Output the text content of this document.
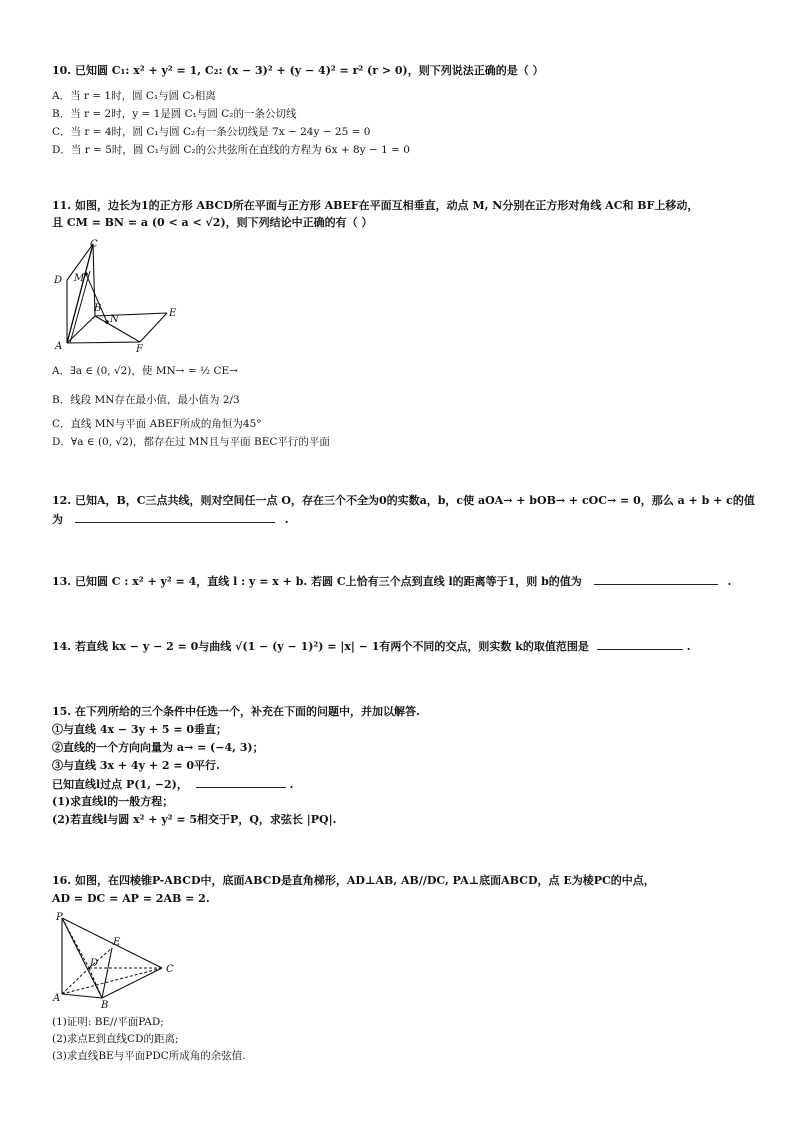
10. 已知圆 C₁: x² + y² = 1, C₂: (x − 3)² + (y − 4)² = r² (r > 0)，则下列说法正确的是（ ）
A．当 r = 1时，圆 C₁与圆 C₂相离
B．当 r = 2时，y = 1是圆 C₁与圆 C₂的一条公切线
C．当 r = 4时，圆 C₁与圆 C₂有一条公切线是 7x − 24y − 25 = 0
D．当 r = 5时，圆 C₁与圆 C₂的公共弦所在直线的方程为 6x + 8y − 1 = 0
11. 如图，边长为1的正方形 ABCD所在平面与正方形 ABEF在平面互相垂直，动点 M, N分别在正方形对角线 AC和 BF上移动，
且 CM = BN = a (0 < a < √2)，则下列结论中正确的有（ ）
C
D M
B
N
E
A	F
A．∃a ∈ (0, √2)，使 MN→ = ½ CE→
B．线段 MN存在最小值，最小值为 2/3
C．直线 MN与平面 ABEF所成的角恒为45°
D．∀a ∈ (0, √2)，都存在过 MN且与平面 BEC平行的平面
12. 已知A，B，C三点共线，则对空间任一点 O，存在三个不全为0的实数a，b，c使 aOA→ + bOB→ + cOC→ = 0，那么 a + b + c的值
为	.
13. 已知圆 C : x² + y² = 4，直线 l : y = x + b. 若圆 C上恰有三个点到直线 l的距离等于1，则 b的值为	.
14. 若直线 kx − y − 2 = 0与曲线 √(1 − (y − 1)²) = |x| − 1有两个不同的交点，则实数 k的取值范围是	.
15. 在下列所给的三个条件中任选一个，补充在下面的问题中，并加以解答.
①与直线 4x − 3y + 5 = 0垂直；
②直线的一个方向向量为 a→ = (−4, 3)；
③与直线 3x + 4y + 2 = 0平行.
已知直线l过点 P(1, −2)，	.
(1)求直线l的一般方程；
(2)若直线l与圆 x² + y² = 5相交于P，Q，求弦长 |PQ|.
16. 如图，在四棱锥P-ABCD中，底面ABCD是直角梯形，AD⊥AB, AB//DC, PA⊥底面ABCD，点 E为棱PC的中点，
AD = DC = AP = 2AB = 2.
P
E
D
C
A
B
(1)证明: BE//平面PAD;
(2)求点E到直线CD的距离;
(3)求直线BE与平面PDC所成角的余弦值.
